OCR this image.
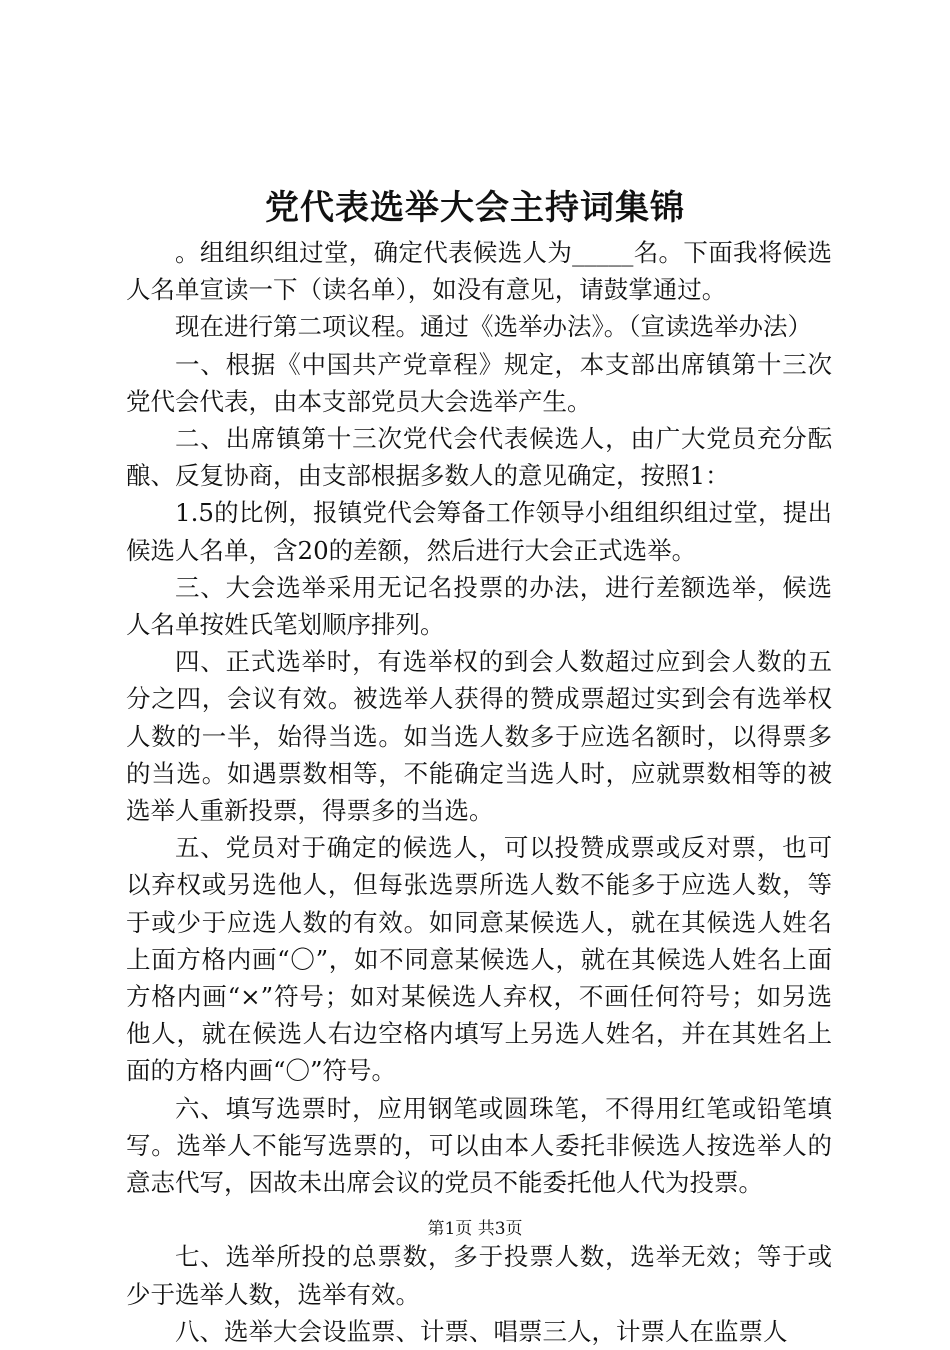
党代表选举大会主持词集锦

。组组织组过堂，确定代表候选人为_____名。下面我将候选人名单宣读一下（读名单），如没有意见，请鼓掌通过。

现在进行第二项议程。通过《选举办法》。（宣读选举办法）

一、根据《中国共产党章程》规定，本支部出席镇第十三次党代会代表，由本支部党员大会选举产生。

二、出席镇第十三次党代会代表候选人，由广大党员充分酝酿、反复协商，由支部根据多数人的意见确定，按照1：

1.5的比例，报镇党代会筹备工作领导小组组织组过堂，提出候选人名单，含20的差额，然后进行大会正式选举。

三、大会选举采用无记名投票的办法，进行差额选举，候选人名单按姓氏笔划顺序排列。

四、正式选举时，有选举权的到会人数超过应到会人数的五分之四，会议有效。被选举人获得的赞成票超过实到会有选举权人数的一半，始得当选。如当选人数多于应选名额时，以得票多的当选。如遇票数相等，不能确定当选人时，应就票数相等的被选举人重新投票，得票多的当选。

五、党员对于确定的候选人，可以投赞成票或反对票，也可以弃权或另选他人，但每张选票所选人数不能多于应选人数，等于或少于应选人数的有效。如同意某候选人，就在其候选人姓名上面方格内画“〇”，如不同意某候选人，就在其候选人姓名上面方格内画“×”符号；如对某候选人弃权，不画任何符号；如另选他人，就在候选人右边空格内填写上另选人姓名，并在其姓名上面的方格内画“〇”符号。

六、填写选票时，应用钢笔或圆珠笔，不得用红笔或铅笔填写。选举人不能写选票的，可以由本人委托非候选人按选举人的意志代写，因故未出席会议的党员不能委托他人代为投票。

七、选举所投的总票数，多于投票人数，选举无效；等于或少于选举人数，选举有效。

八、选举大会设监票、计票、唱票三人，计票人在监票人

第1页 共3页
